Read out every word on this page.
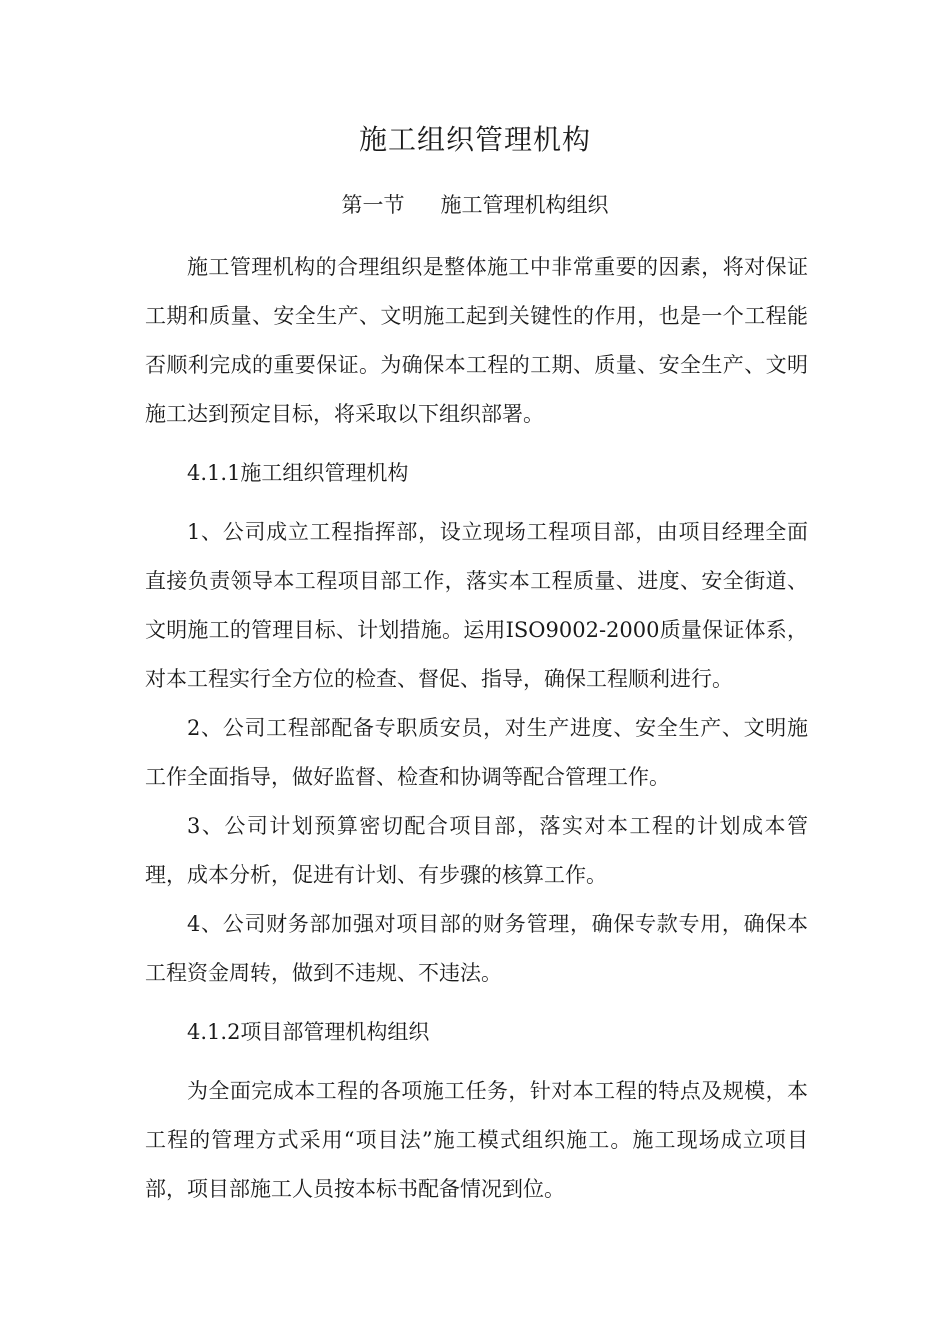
施工组织管理机构
第一节 施工管理机构组织

施工管理机构的合理组织是整体施工中非常重要的因素，将对保证工期和质量、安全生产、文明施工起到关键性的作用，也是一个工程能否顺利完成的重要保证。为确保本工程的工期、质量、安全生产、文明施工达到预定目标，将采取以下组织部署。

4.1.1施工组织管理机构

1、公司成立工程指挥部，设立现场工程项目部，由项目经理全面直接负责领导本工程项目部工作，落实本工程质量、进度、安全街道、文明施工的管理目标、计划措施。运用ISO9002-2000质量保证体系，对本工程实行全方位的检查、督促、指导，确保工程顺利进行。

2、公司工程部配备专职质安员，对生产进度、安全生产、文明施工作全面指导，做好监督、检查和协调等配合管理工作。

3、公司计划预算密切配合项目部，落实对本工程的计划成本管理，成本分析，促进有计划、有步骤的核算工作。

4、公司财务部加强对项目部的财务管理，确保专款专用，确保本工程资金周转，做到不违规、不违法。

4.1.2项目部管理机构组织

为全面完成本工程的各项施工任务，针对本工程的特点及规模，本工程的管理方式采用“项目法”施工模式组织施工。施工现场成立项目部，项目部施工人员按本标书配备情况到位。
